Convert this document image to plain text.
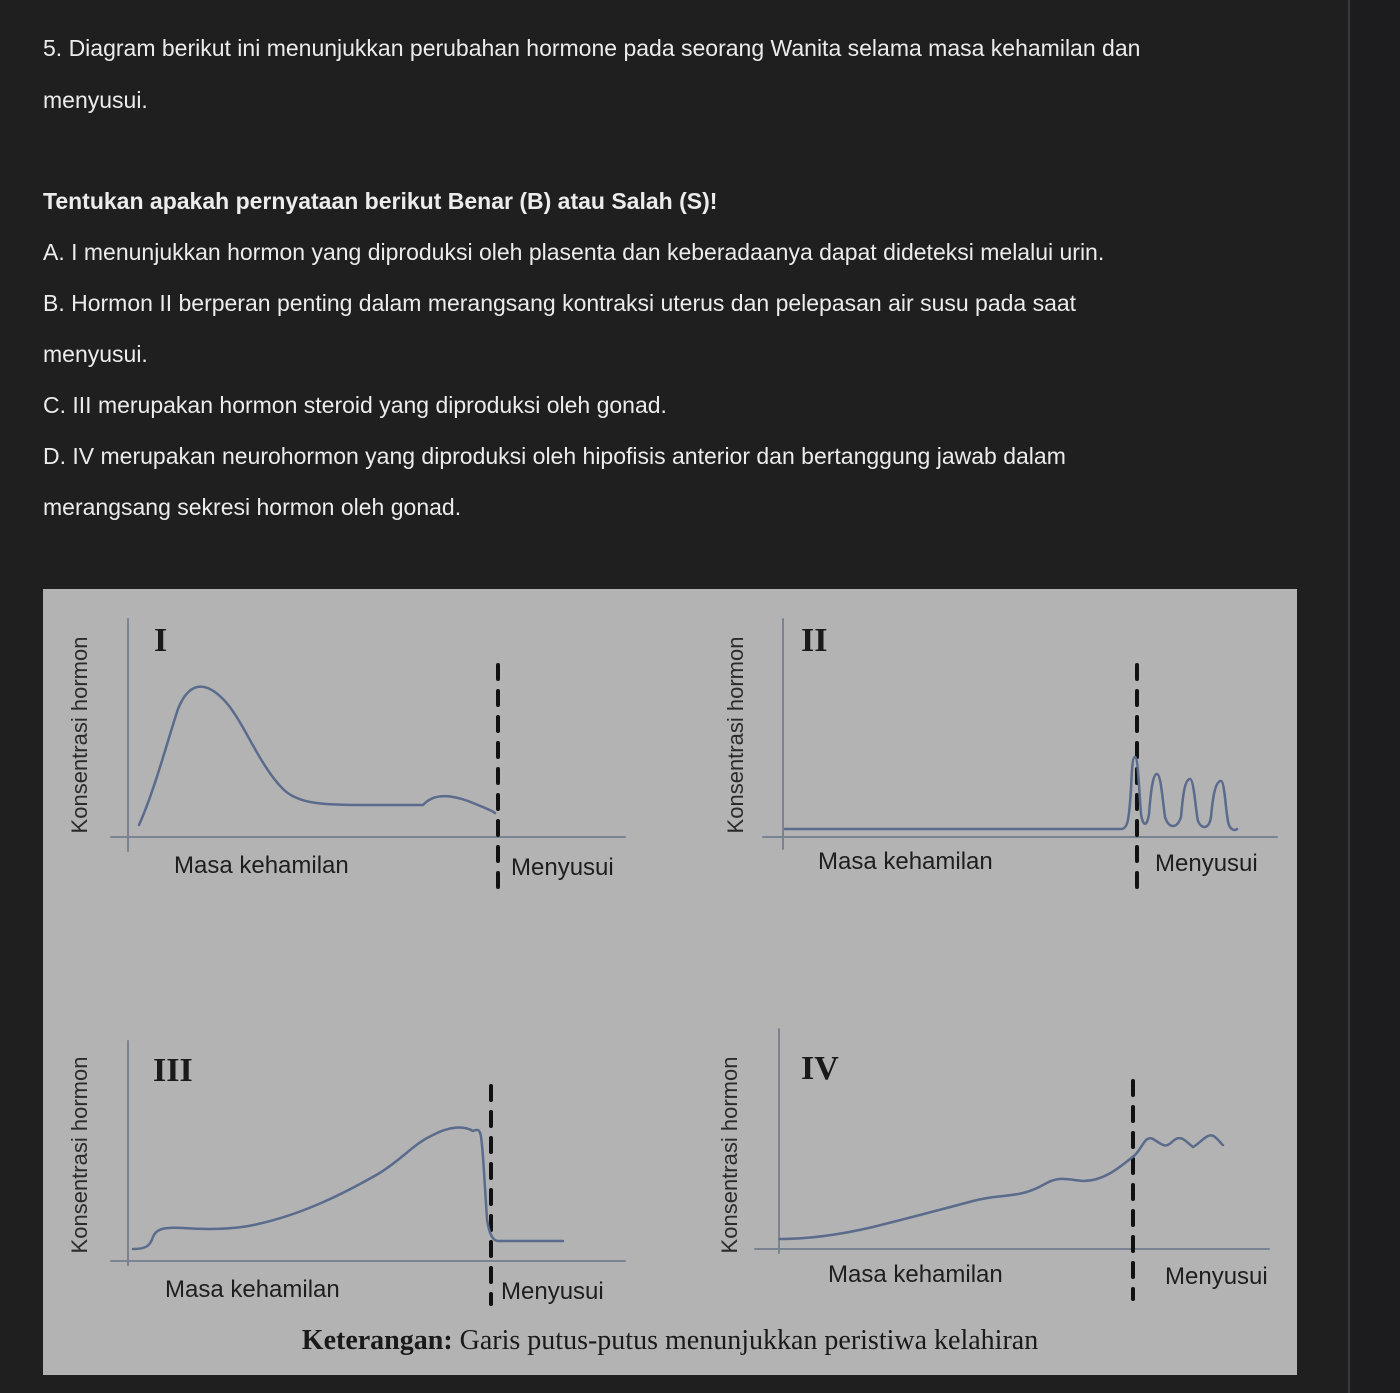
5. Diagram berikut ini menunjukkan perubahan hormone pada seorang Wanita selama masa kehamilan dan
menyusui.
Tentukan apakah pernyataan berikut Benar (B) atau Salah (S)!
A. I menunjukkan hormon yang diproduksi oleh plasenta dan keberadaanya dapat dideteksi melalui urin.
B. Hormon II berperan penting dalam merangsang kontraksi uterus dan pelepasan air susu pada saat
menyusui.
C. III merupakan hormon steroid yang diproduksi oleh gonad.
D. IV merupakan neurohormon yang diproduksi oleh hipofisis anterior dan bertanggung jawab dalam
merangsang sekresi hormon oleh gonad.
I
Konsentrasi hormon
Masa kehamilan	Menyusui
II
Konsentrasi hormon
Masa kehamilan	Menyusui
III
Konsentrasi hormon
Masa kehamilan	Menyusui
IV
Konsentrasi hormon
Masa kehamilan	Menyusui
Keterangan: Garis putus-putus menunjukkan peristiwa kelahiran
